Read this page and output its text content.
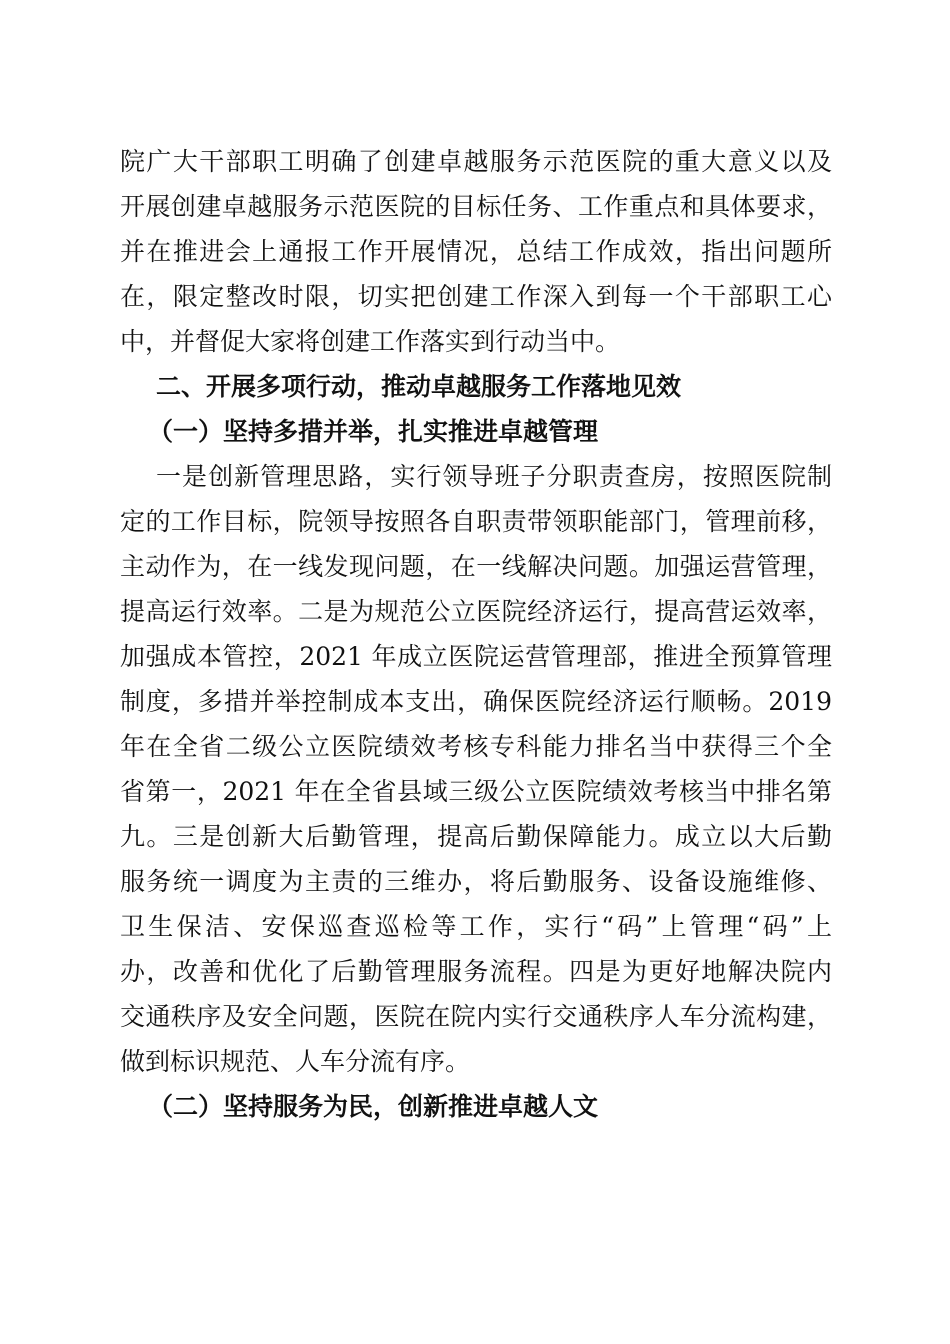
院广大干部职工明确了创建卓越服务示范医院的重大意义以及
开展创建卓越服务示范医院的目标任务、工作重点和具体要求，
并在推进会上通报工作开展情况，总结工作成效，指出问题所
在，限定整改时限，切实把创建工作深入到每一个干部职工心
中，并督促大家将创建工作落实到行动当中。
二、开展多项行动，推动卓越服务工作落地见效
（一）坚持多措并举，扎实推进卓越管理
一是创新管理思路，实行领导班子分职责查房，按照医院制
定的工作目标，院领导按照各自职责带领职能部门，管理前移，
主动作为，在一线发现问题，在一线解决问题。加强运营管理，
提高运行效率。二是为规范公立医院经济运行，提高营运效率，
加强成本管控，2021 年成立医院运营管理部，推进全预算管理
制度，多措并举控制成本支出，确保医院经济运行顺畅。2019
年在全省二级公立医院绩效考核专科能力排名当中获得三个全
省第一，2021 年在全省县域三级公立医院绩效考核当中排名第
九。三是创新大后勤管理，提高后勤保障能力。成立以大后勤
服务统一调度为主责的三维办，将后勤服务、设备设施维修、
卫生保洁、安保巡查巡检等工作，实行“码”上管理“码”上
办，改善和优化了后勤管理服务流程。四是为更好地解决院内
交通秩序及安全问题，医院在院内实行交通秩序人车分流构建，
做到标识规范、人车分流有序。
（二）坚持服务为民，创新推进卓越人文
